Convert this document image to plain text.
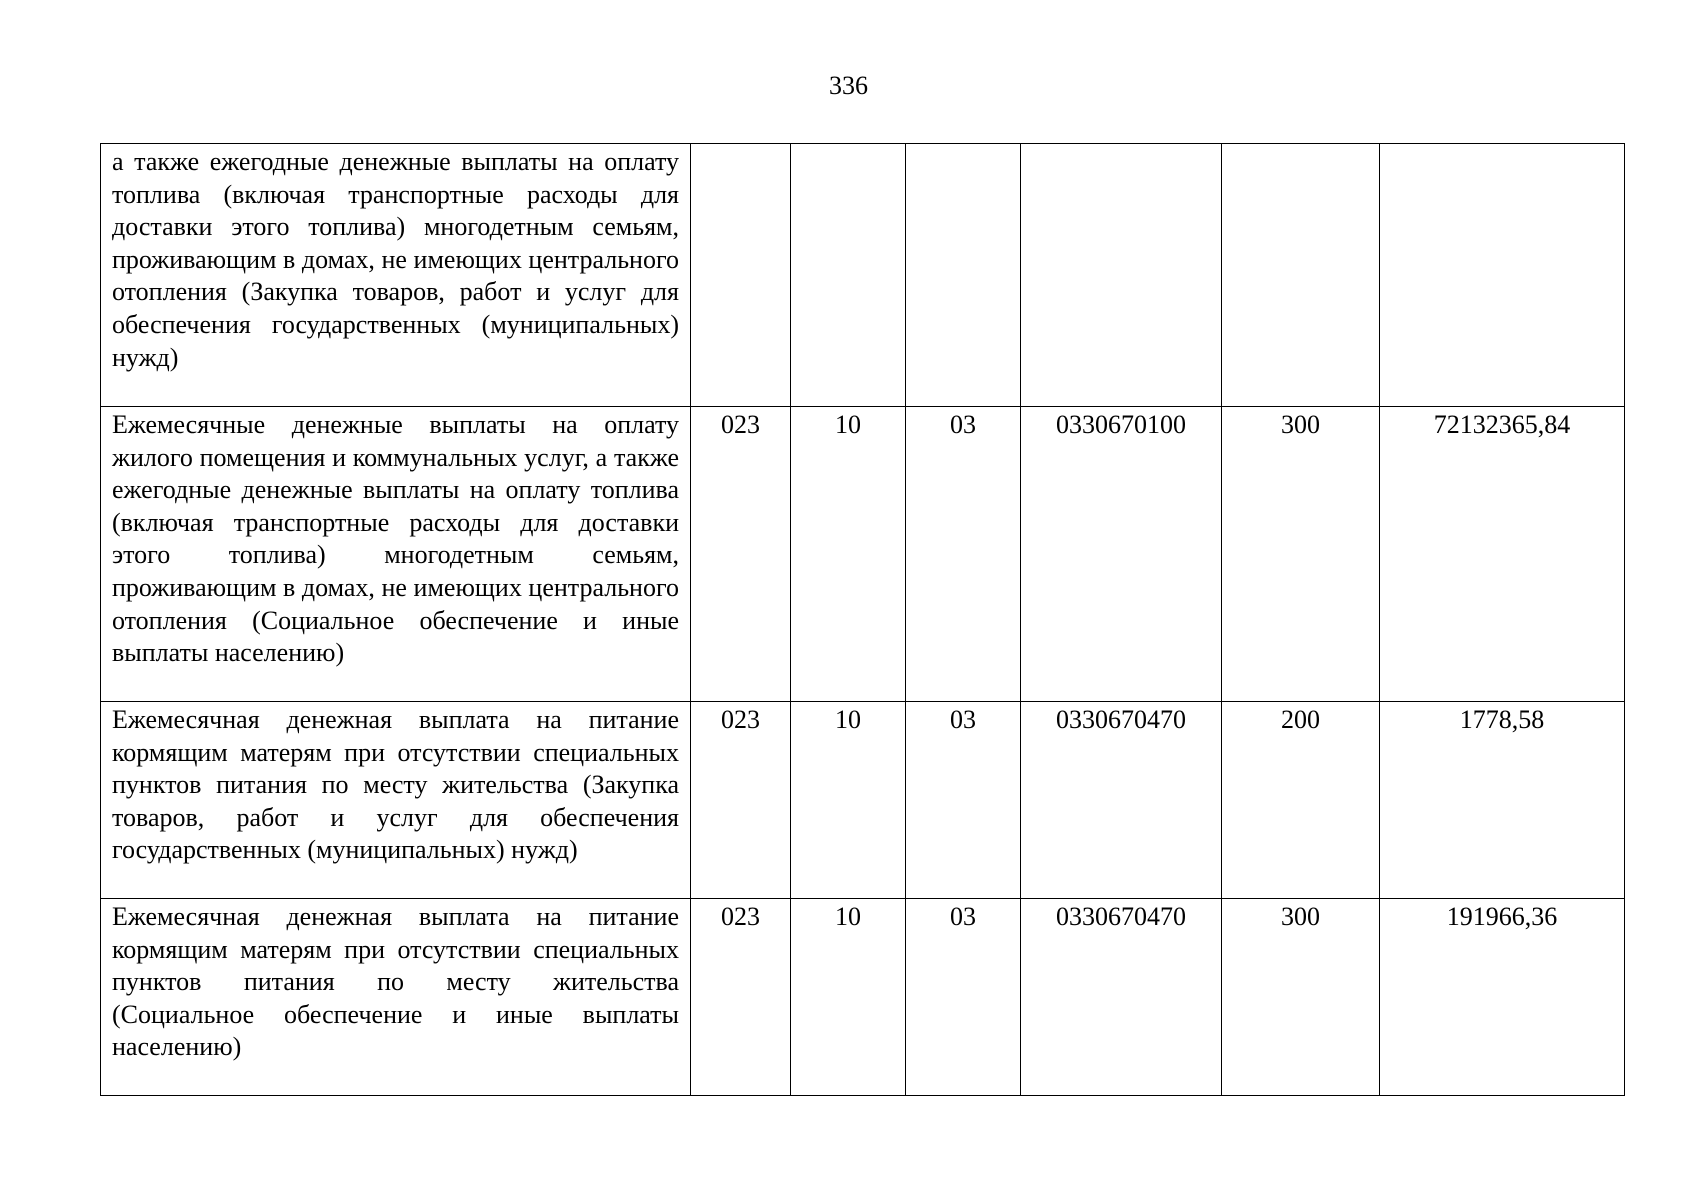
336
а также ежегодные денежные выплаты на оплату топлива (включая транспортные расходы для доставки этого топлива) многодетным семьям, проживающим в домах, не имеющих центрального отопления (Закупка товаров, работ и услуг для обеспечения государственных (муниципальных) нужд)						
Ежемесячные денежные выплаты на оплату жилого помещения и коммунальных услуг, а также ежегодные денежные выплаты на оплату топлива (включая транспортные расходы для доставки этого топлива) многодетным семьям, проживающим в домах, не имеющих центрального отопления (Социальное обеспечение и иные выплаты населению)	023	10	03	0330670100	300	72132365,84
Ежемесячная денежная выплата на питание кормящим матерям при отсутствии специальных пунктов питания по месту жительства (Закупка товаров, работ и услуг для обеспечения государственных (муниципальных) нужд)	023	10	03	0330670470	200	1778,58
Ежемесячная денежная выплата на питание кормящим матерям при отсутствии специальных пунктов питания по месту жительства (Социальное обеспечение и иные выплаты населению)	023	10	03	0330670470	300	191966,36
